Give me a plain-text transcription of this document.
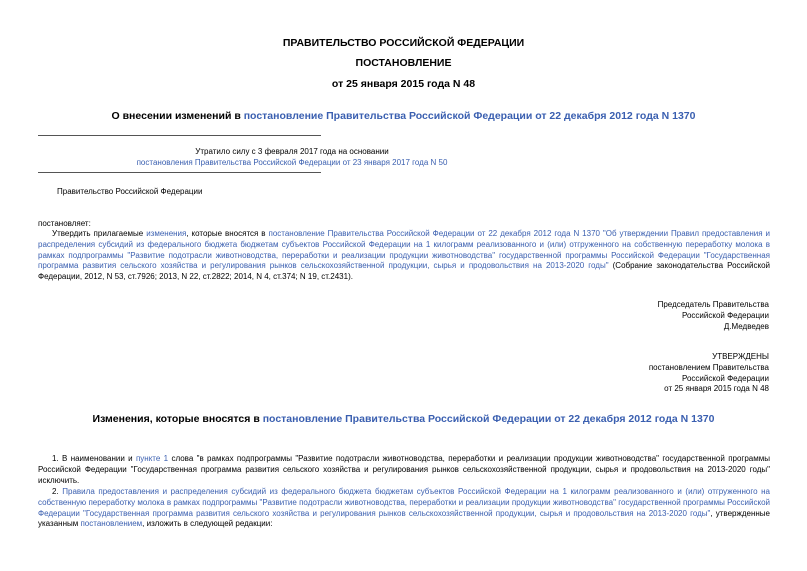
ПРАВИТЕЛЬСТВО РОССИЙСКОЙ ФЕДЕРАЦИИ
ПОСТАНОВЛЕНИЕ
от 25 января 2015 года N 48
О внесении изменений в постановление Правительства Российской Федерации от 22 декабря 2012 года N 1370
Утратило силу с 3 февраля 2017 года на основании
постановления Правительства Российской Федерации от 23 января 2017 года N 50
Правительство Российской Федерации
постановляет:
Утвердить прилагаемые изменения, которые вносятся в постановление Правительства Российской Федерации от 22 декабря 2012 года N 1370 "Об утверждении Правил предоставления и распределения субсидий из федерального бюджета бюджетам субъектов Российской Федерации на 1 килограмм реализованного и (или) отгруженного на собственную переработку молока в рамках подпрограммы "Развитие подотрасли животноводства, переработки и реализации продукции животноводства" государственной программы Российской Федерации "Государственная программа развития сельского хозяйства и регулирования рынков сельскохозяйственной продукции, сырья и продовольствия на 2013-2020 годы" (Собрание законодательства Российской Федерации, 2012, N 53, ст.7926; 2013, N 22, ст.2822; 2014, N 4, ст.374; N 19, ст.2431).
Председатель Правительства
Российской Федерации
Д.Медведев
УТВЕРЖДЕНЫ
постановлением Правительства
Российской Федерации
от 25 января 2015 года N 48
Изменения, которые вносятся в постановление Правительства Российской Федерации от 22 декабря 2012 года N 1370
1. В наименовании и пункте 1 слова "в рамках подпрограммы "Развитие подотрасли животноводства, переработки и реализации продукции животноводства" государственной программы Российской Федерации "Государственная программа развития сельского хозяйства и регулирования рынков сельскохозяйственной продукции, сырья и продовольствия на 2013-2020 годы" исключить.
2. Правила предоставления и распределения субсидий из федерального бюджета бюджетам субъектов Российской Федерации на 1 килограмм реализованного и (или) отгруженного на собственную переработку молока в рамках подпрограммы "Развитие подотрасли животноводства, переработки и реализации продукции животноводства" государственной программы Российской Федерации "Государственная программа развития сельского хозяйства и регулирования рынков сельскохозяйственной продукции, сырья и продовольствия на 2013-2020 годы", утвержденные указанным постановлением, изложить в следующей редакции:
